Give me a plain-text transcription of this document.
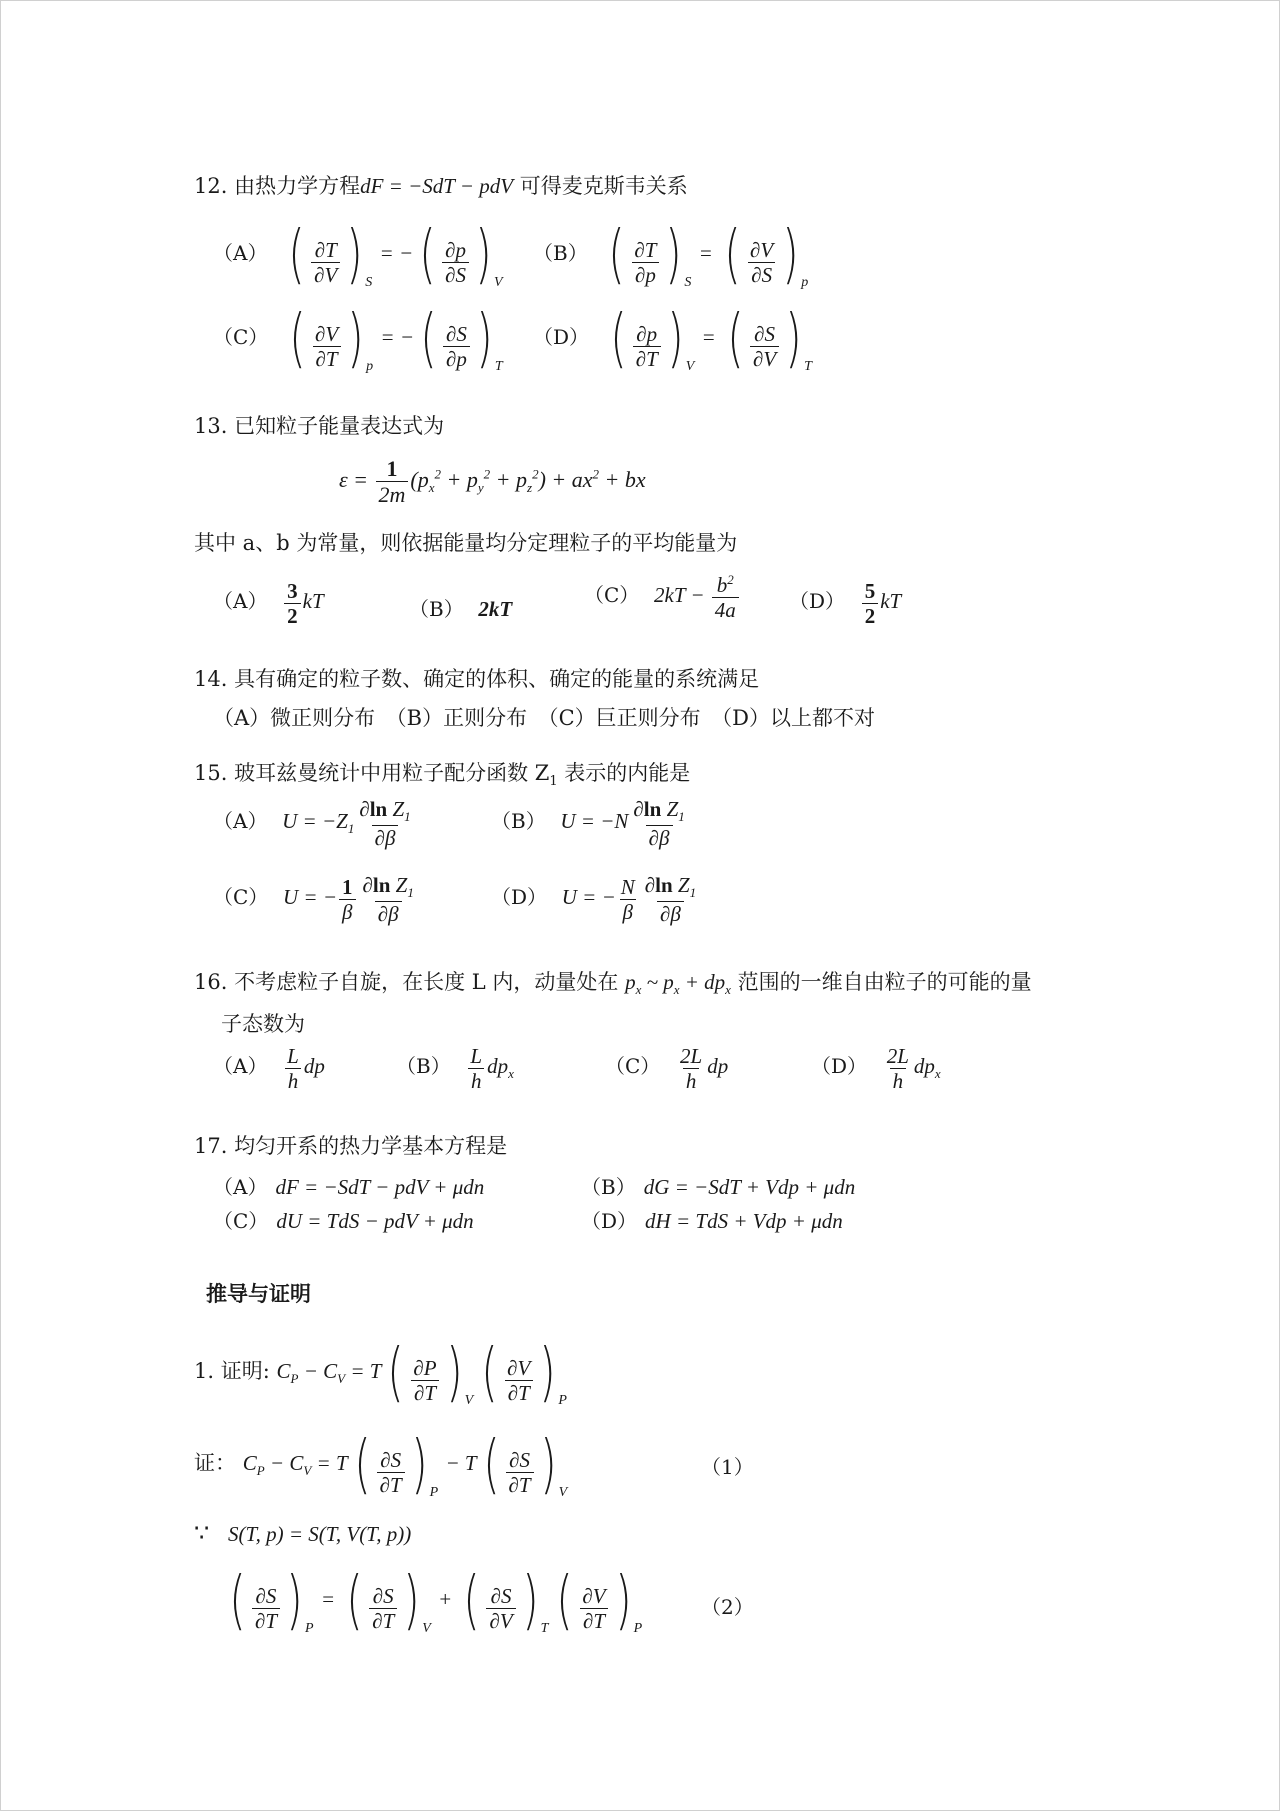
12. 由热力学方程dF = −SdT − pdV 可得麦克斯韦关系
（A） ( $\frac{\partial T}{\partial V}$ ) S
= − ( $\frac{\partial p}{\partial S}$ ) V
（B） ( $\frac{\partial T}{\partial p}$ ) S
= ( $\frac{\partial V}{\partial S}$ ) p
（C） ( $\frac{\partial V}{\partial T}$ ) p
= − ( $\frac{\partial S}{\partial p}$ ) T
（D） ( $\frac{\partial p}{\partial T}$ ) V
= ( $\frac{\partial S}{\partial V}$ ) T
13. 已知粒子能量表达式为
$\varepsilon = \frac{1}{2m} (p_x^2 + p_y^2 + p_z^2) + ax^2$ + bx
其中 a、b 为常量，则依据能量均分定理粒子的平均能量为
$(A) \frac{3}{2}$ kT	（B） 2kT
（C） $2kT - \frac{b^2}{4a}$	$(D) \frac{5}{2}$ kT
14. 具有确定的粒子数、确定的体积、确定的能量的系统满足
（A）微正则分布　（B）正则分布　（C）巨正则分布　（D）以上都不对
15. 玻耳兹曼统计中用粒子配分函数 $Z_1$ 表示的内能是
（A） $U = -Z_1 \frac{\partial\ln Z_1}{\partial\beta}$	（B） $U = -N \frac{\partial\ln Z_1}{\partial\beta}$
（C） U = − $\frac{1}{\beta} \frac{\partial\ln Z_1}{\partial\beta}$	（D） U = − $\frac{N}{\beta} \frac{\partial\ln Z_1}{\partial\beta}$
16. 不考虑粒子自旋，在长度 L 内，动量处在 $p_x$ ~ $p_x + dp_x$ 范围的一维自由粒子的可能的量
子态数为
$(A) \frac{L}{h}$ dp	$(B) \frac{L}{h} dp_x$	$(C) \frac{2L}{h}$ dp	$(D) \frac{2L}{h} dp_x$
17. 均匀开系的热力学基本方程是
（A） dF = −SdT − pdV + μdn	（B） dG = −SdT + Vdp + μdn
（C） dU = TdS − pdV + μdn	（D） dH = TdS + Vdp + μdn
推导与证明
1. 证明: $C_P - C_V = T$ ( $\frac{\partial P}{\partial T}$ ) V ( $\frac{\partial V}{\partial T}$ ) P
证： $C_P - C_V = T$ ( $\frac{\partial S}{\partial T}$ ) P
− T ( $\frac{\partial S}{\partial T}$ ) V
（1）
∵ S(T, p) = S(T, V(T, p))
( $\frac{\partial S}{\partial T}$ ) P
= ( $\frac{\partial S}{\partial T}$ ) V
+ ( $\frac{\partial S}{\partial V}$ ) T ( $\frac{\partial V}{\partial T}$ ) P
（2）
